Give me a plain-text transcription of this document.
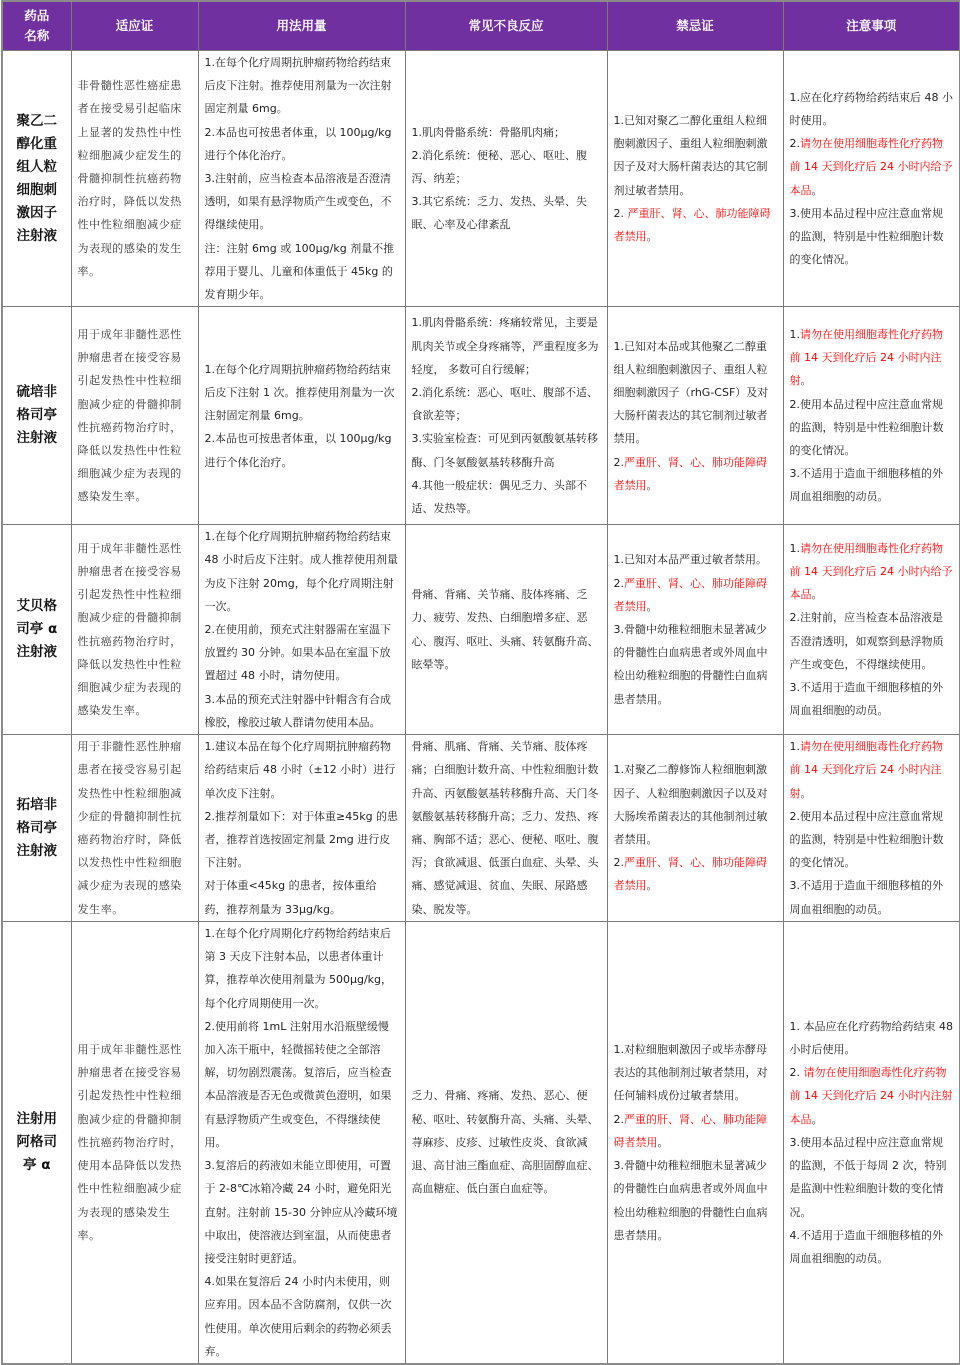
药品
名称	适应证	用法用量	常见不良反应	禁忌证	注意事项

聚乙二
醇化重
组人粒
细胞刺
激因子
注射液
	非骨髓性恶性癌症患者在接受易引起临床上显著的发热性中性粒细胞减少症发生的骨髓抑制性抗癌药物治疗时，降低以发热性中性粒细胞减少症为表现的感染的发生率。	
1.在每个化疗周期抗肿瘤药物给药结束后皮下注射。推荐使用剂量为一次注射固定剂量 6mg。
2.本品也可按患者体重，以 100μg/kg 进行个体化治疗。
3.注射前，应当检查本品溶液是否澄清透明，如果有悬浮物质产生或变色，不得继续使用。
注：注射 6mg 或 100μg/kg 剂量不推荐用于婴儿、儿童和体重低于 45kg 的发育期少年。

1.肌肉骨骼系统：骨骼肌肉痛；
2.消化系统：便秘、恶心、呕吐、腹泻、纳差；
3.其它系统：乏力、发热、头晕、失眠、心率及心律紊乱

1.已知对聚乙二醇化重组人粒细胞刺激因子、重组人粒细胞刺激因子及对大肠杆菌表达的其它制剂过敏者禁用。
2. 严重肝、肾、心、肺功能障碍者禁用。

1.应在化疗药物给药结束后 48 小时使用。
2.请勿在使用细胞毒性化疗药物前 14 天到化疗后 24 小时内给予本品。
3.使用本品过程中应注意血常规的监测，特别是中性粒细胞计数的变化情况。

硫培非
格司亭
注射液	用于成年非髓性恶性肿瘤患者在接受容易引起发热性中性粒细胞减少症的骨髓抑制性抗癌药物治疗时，降低以发热性中性粒细胞减少症为表现的感染发生率。	1.在每个化疗周期抗肿瘤药物给药结束后皮下注射 1 次。推荐使用剂量为一次注射固定剂量 6mg。
2.本品也可按患者体重，以 100μg/kg 进行个体化治疗。	1.肌肉骨骼系统：疼痛较常见，主要是肌肉关节或全身疼痛等，严重程度多为轻度， 多数可自行缓解；
2.消化系统：恶心、呕吐、腹部不适、食欲差等；
3.实验室检查：可见到丙氨酸氨基转移酶、门冬氨酸氨基转移酶升高
4.其他一般症状：偶见乏力、头部不适、发热等。	1.已知对本品或其他聚乙二醇重组人粒细胞刺激因子、重组人粒细胞刺激因子（rhG-CSF）及对大肠杆菌表达的其它制剂过敏者禁用。
2.严重肝、肾、心、肺功能障碍者禁用。	1.请勿在使用细胞毒性化疗药物前 14 天到化疗后 24 小时内注射。
2.使用本品过程中应注意血常规的监测，特别是中性粒细胞计数的变化情况。
3.不适用于造血干细胞移植的外周血祖细胞的动员。

艾贝格
司亭 α
注射液	用于成年非髓性恶性肿瘤患者在接受容易引起发热性中性粒细胞减少症的骨髓抑制性抗癌药物治疗时，降低以发热性中性粒细胞减少症为表现的感染发生率。	1.在每个化疗周期抗肿瘤药物给药结束 48 小时后皮下注射。成人推荐使用剂量为皮下注射 20mg，每个化疗周期注射一次。
2.在使用前，预充式注射器需在室温下放置约 30 分钟。如果本品在室温下放置超过 48 小时，请勿使用。
3.本品的预充式注射器中针帽含有合成橡胶，橡胶过敏人群请勿使用本品。	骨痛、背痛、关节痛、肢体疼痛、乏力、疲劳、发热、白细胞增多症、恶心、腹泻、呕吐、头痛、转氨酶升高、眩晕等。	1.已知对本品严重过敏者禁用。
2.严重肝、肾、心、肺功能障碍者禁用。
3.骨髓中幼稚粒细胞未显著减少的骨髓性白血病患者或外周血中检出幼稚粒细胞的骨髓性白血病患者禁用。	1.请勿在使用细胞毒性化疗药物前 14 天到化疗后 24 小时内给予本品。
2.注射前，应当检查本品溶液是否澄清透明，如观察到悬浮物质产生或变色，不得继续使用。
3.不适用于造血干细胞移植的外周血祖细胞的动员。

拓培非
格司亭
注射液	用于非髓性恶性肿瘤患者在接受容易引起发热性中性粒细胞减少症的骨髓抑制性抗癌药物治疗时，降低以发热性中性粒细胞减少症为表现的感染发生率。	1.建议本品在每个化疗周期抗肿瘤药物给药结束后 48 小时（±12 小时）进行单次皮下注射。
2.推荐剂量如下：对于体重≥45kg 的患者，推荐首选按固定剂量 2mg 进行皮下注射。
对于体重<45kg 的患者，按体重给药，推荐剂量为 33μg/kg。	骨痛、肌痛、背痛、关节痛、肢体疼痛；白细胞计数升高、中性粒细胞计数升高、丙氨酸氨基转移酶升高、天门冬氨酸氨基转移酶升高；乏力、发热、疼痛、胸部不适；恶心、便秘、呕吐、腹泻；食欲减退、低蛋白血症、头晕、头痛、感觉减退、贫血、失眠、尿路感染、脱发等。	1.对聚乙二醇修饰人粒细胞刺激因子、人粒细胞刺激因子以及对大肠埃希菌表达的其他制剂过敏者禁用。
2.严重肝、肾、心、肺功能障碍者禁用。	1.请勿在使用细胞毒性化疗药物前 14 天到化疗后 24 小时内注射。
2.使用本品过程中应注意血常规的监测，特别是中性粒细胞计数的变化情况。
3.不适用于造血干细胞移植的外周血祖细胞的动员。

注射用
阿格司
亭 α
	用于成年非髓性恶性肿瘤患者在接受容易引起发热性中性粒细胞减少症的骨髓抑制性抗癌药物治疗时，使用本品降低以发热性中性粒细胞减少症为表现的感染发生率。	
1.在每个化疗周期化疗药物给药结束后第 3 天皮下注射本品，以患者体重计算，推荐单次使用剂量为 500μg/kg，每个化疗周期使用一次。
2.使用前将 1mL 注射用水沿瓶壁缓慢加入冻干瓶中，轻微摇转使之全部溶解，切勿剧烈震荡。复溶后，应当检查本品溶液是否无色或微黄色澄明，如果有悬浮物质产生或变色，不得继续使用。
3.复溶后的药液如未能立即使用，可置于 2-8℃冰箱冷藏 24 小时，避免阳光直射。注射前 15-30 分钟应从冷藏环境中取出，使溶液达到室温，从而使患者接受注射时更舒适。
4.如果在复溶后 24 小时内未使用，则应弃用。因本品不含防腐剂，仅供一次性使用。单次使用后剩余的药物必须丢弃。

乏力、骨痛、疼痛、发热、恶心、便秘、呕吐、转氨酶升高、头痛、头晕、荨麻疹、皮疹、过敏性皮炎、食欲减退、高甘油三酯血症、高胆固醇血症、高血糖症、低白蛋白血症等。

1.对粒细胞刺激因子或毕赤酵母表达的其他制剂过敏者禁用，对任何辅料成份过敏者禁用。
2.严重的肝、肾、心、肺功能障碍者禁用。
3.骨髓中幼稚粒细胞未显著减少的骨髓性白血病患者或外周血中检出幼稚粒细胞的骨髓性白血病患者禁用。

1. 本品应在化疗药物给药结束 48 小时后使用。
2. 请勿在使用细胞毒性化疗药物前 14 天到化疗后 24 小时内注射本品。
3.使用本品过程中应注意血常规的监测，不低于每周 2 次，特别是监测中性粒细胞计数的变化情况。
4.不适用于造血干细胞移植的外周血祖细胞的动员。
